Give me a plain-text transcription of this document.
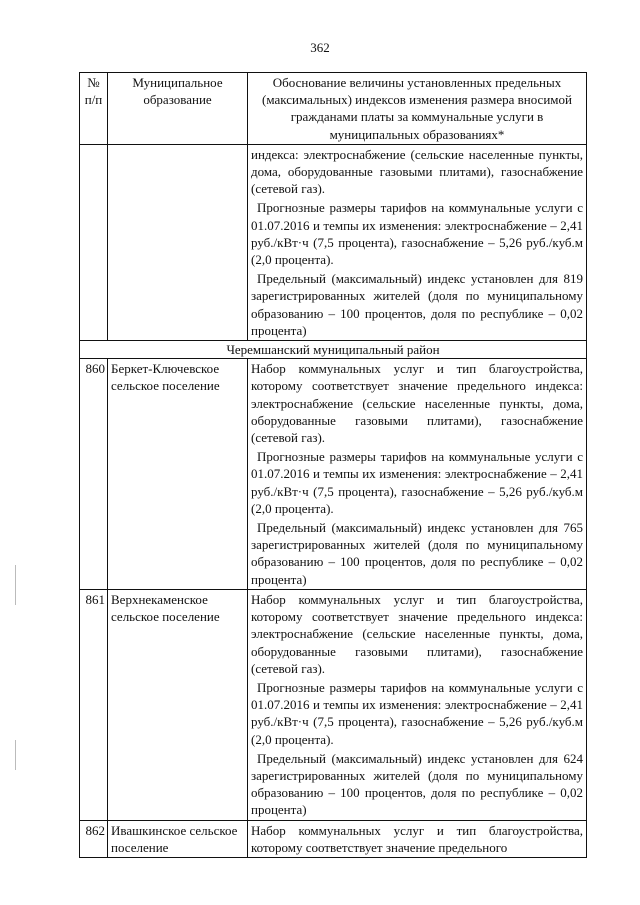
362
№ п/п	Муниципальное образование	Обоснование величины установленных предельных (максимальных) индексов изменения размера вносимой гражданами платы за коммунальные услуги в муниципальных образованиях*

		индекса: электроснабжение (сельские населенные пункты, дома, оборудованные газовыми плитами), газоснабжение (сетевой газ).

Прогнозные размеры тарифов на коммунальные услуги с 01.07.2016 и темпы их изменения: электроснабжение – 2,41 руб./кВт·ч (7,5 процента), газоснабжение – 5,26 руб./куб.м (2,0 процента).

Предельный (максимальный) индекс установлен для 819 зарегистрированных жителей (доля по муниципальному образованию – 100 процентов, доля по республике – 0,02 процента)

Черемшанский муниципальный район		
860	Беркет-Ключевское сельское поселение	Набор коммунальных услуг и тип благоустройства, которому соответствует значение предельного индекса: электроснабжение (сельские населенные пункты, дома, оборудованные газовыми плитами), газоснабжение (сетевой газ).

Прогнозные размеры тарифов на коммунальные услуги с 01.07.2016 и темпы их изменения: электроснабжение – 2,41 руб./кВт·ч (7,5 процента), газоснабжение – 5,26 руб./куб.м (2,0 процента).

Предельный (максимальный) индекс установлен для 765 зарегистрированных жителей (доля по муниципальному образованию – 100 процентов, доля по республике – 0,02 процента)

861	Верхнекаменское сельское поселение	Набор коммунальных услуг и тип благоустройства, которому соответствует значение предельного индекса: электроснабжение (сельские населенные пункты, дома, оборудованные газовыми плитами), газоснабжение (сетевой газ).

Прогнозные размеры тарифов на коммунальные услуги с 01.07.2016 и темпы их изменения: электроснабжение – 2,41 руб./кВт·ч (7,5 процента), газоснабжение – 5,26 руб./куб.м (2,0 процента).

Предельный (максимальный) индекс установлен для 624 зарегистрированных жителей (доля по муниципальному образованию – 100 процентов, доля по республике – 0,02 процента)

862	Ивашкинское сельское поселение	Набор коммунальных услуг и тип благоустройства, которому соответствует значение предельного
